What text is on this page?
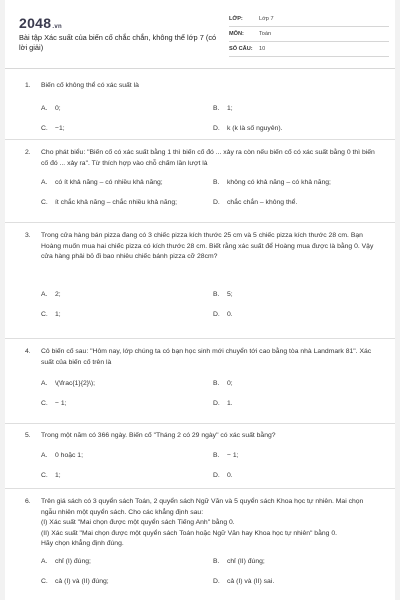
2048.vn
Bài tập Xác suất của biến cố chắc chắn, không thể lớp 7 (có lời giải)
LỚP:	Lớp 7
MÔN:	Toán
SỐ CÂU:	10
1.	Biến cố không thể có xác suất là
A.	0;	B.	1;
C.	−1;	D.	k (k là số nguyên).
2.	Cho phát biểu: "Biến cố có xác suất bằng 1 thì biến cố đó ... xảy ra còn nếu biến cố có xác suất bằng 0 thì biến cố đó ... xảy ra". Từ thích hợp vào chỗ chấm lần lượt là
A.	có ít khả năng – có nhiều khả năng;	B.	không có khả năng – có khả năng;
C.	ít chắc khả năng – chắc nhiều khả năng;	D.	chắc chắn – không thể.
3.	Trong cửa hàng bán pizza đang có 3 chiếc pizza kích thước 25 cm và 5 chiếc pizza kích thước 28 cm. Bạn Hoàng muốn mua hai chiếc pizza có kích thước 28 cm. Biết rằng xác suất để Hoàng mua được là bằng 0. Vậy cửa hàng phải bỏ đi bao nhiêu chiếc bánh pizza cỡ 28cm?
A.	2;	B.	5;
C.	1;	D.	0.
4.	Cô biến cố sau: "Hôm nay, lớp chúng ta có bạn học sinh mới chuyển tới cao bằng tòa nhà Landmark 81". Xác suất của biến cố trên là
A.	\(\frac{1}{2}\);	B.	0;
C.	− 1;	D.	1.
5.	Trong một năm có 366 ngày. Biến cố "Tháng 2 có 29 ngày" có xác suất bằng?
A.	0 hoặc 1;	B.	− 1;
C.	1;	D.	0.
6.	Trên giá sách có 3 quyển sách Toán, 2 quyển sách Ngữ Văn và 5 quyển sách Khoa học tự nhiên. Mai chọn ngẫu nhiên một quyển sách. Cho các khẳng định sau:
(I) Xác suất "Mai chọn được một quyển sách Tiếng Anh" bằng 0.
(II) Xác suất "Mai chọn được một quyển sách Toán hoặc Ngữ Văn hay Khoa học tự nhiên" bằng 0.
Hãy chọn khẳng định đúng.
A.	chỉ (I) đúng;	B.	chỉ (II) đúng;
C.	cả (I) và (II) đúng;	D.	cả (I) và (II) sai.
